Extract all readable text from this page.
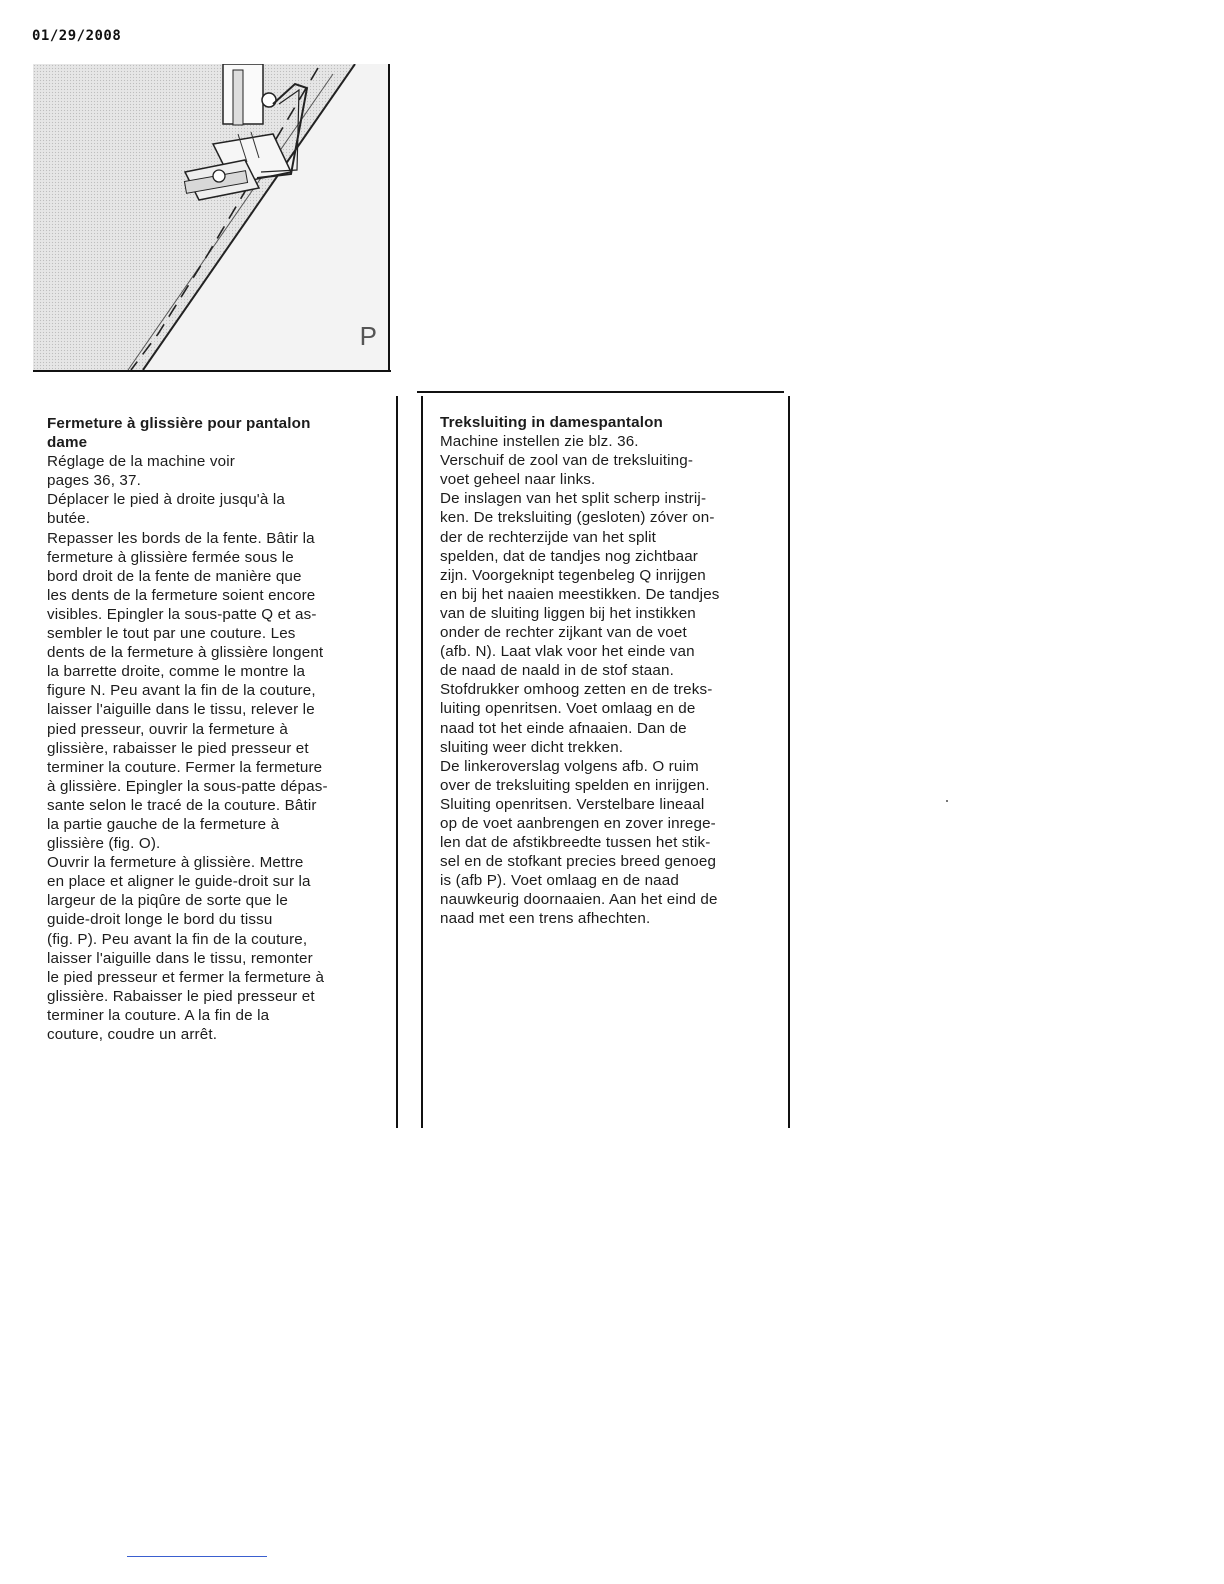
01/29/2008
P

Fermeture à glissière pour pantalon

dame

Réglage de la machine voir

pages 36, 37.

Déplacer le pied à droite jusqu'à la

butée.

Repasser les bords de la fente. Bâtir la

fermeture à glissière fermée sous le

bord droit de la fente de manière que

les dents de la fermeture soient encore

visibles. Epingler la sous-patte Q et as-

sembler le tout par une couture. Les

dents de la fermeture à glissière longent

la barrette droite, comme le montre la

figure N. Peu avant la fin de la couture,

laisser l'aiguille dans le tissu, relever le

pied presseur, ouvrir la fermeture à

glissière, rabaisser le pied presseur et

terminer la couture. Fermer la fermeture

à glissière. Epingler la sous-patte dépas-

sante selon le tracé de la couture. Bâtir

la partie gauche de la fermeture à

glissière (fig. O).

Ouvrir la fermeture à glissière. Mettre

en place et aligner le guide-droit sur la

largeur de la piqûre de sorte que le

guide-droit longe le bord du tissu

(fig. P). Peu avant la fin de la couture,

laisser l'aiguille dans le tissu, remonter

le pied presseur et fermer la fermeture à

glissière. Rabaisser le pied presseur et

terminer la couture. A la fin de la

couture, coudre un arrêt.

Treksluiting in damespantalon

Machine instellen zie blz. 36.

Verschuif de zool van de treksluiting-

voet geheel naar links.

De inslagen van het split scherp instrij-

ken. De treksluiting (gesloten) zóver on-

der de rechterzijde van het split

spelden, dat de tandjes nog zichtbaar

zijn. Voorgeknipt tegenbeleg Q inrijgen

en bij het naaien meestikken. De tandjes

van de sluiting liggen bij het instikken

onder de rechter zijkant van de voet

(afb. N). Laat vlak voor het einde van

de naad de naald in de stof staan.

Stofdrukker omhoog zetten en de treks-

luiting openritsen. Voet omlaag en de

naad tot het einde afnaaien. Dan de

sluiting weer dicht trekken.

De linkeroverslag volgens afb. O ruim

over de treksluiting spelden en inrijgen.

Sluiting openritsen. Verstelbare lineaal

op de voet aanbrengen en zover inrege-

len dat de afstikbreedte tussen het stik-

sel en de stofkant precies breed genoeg

is (afb P). Voet omlaag en de naad

nauwkeurig doornaaien. Aan het eind de

naad met een trens afhechten.
